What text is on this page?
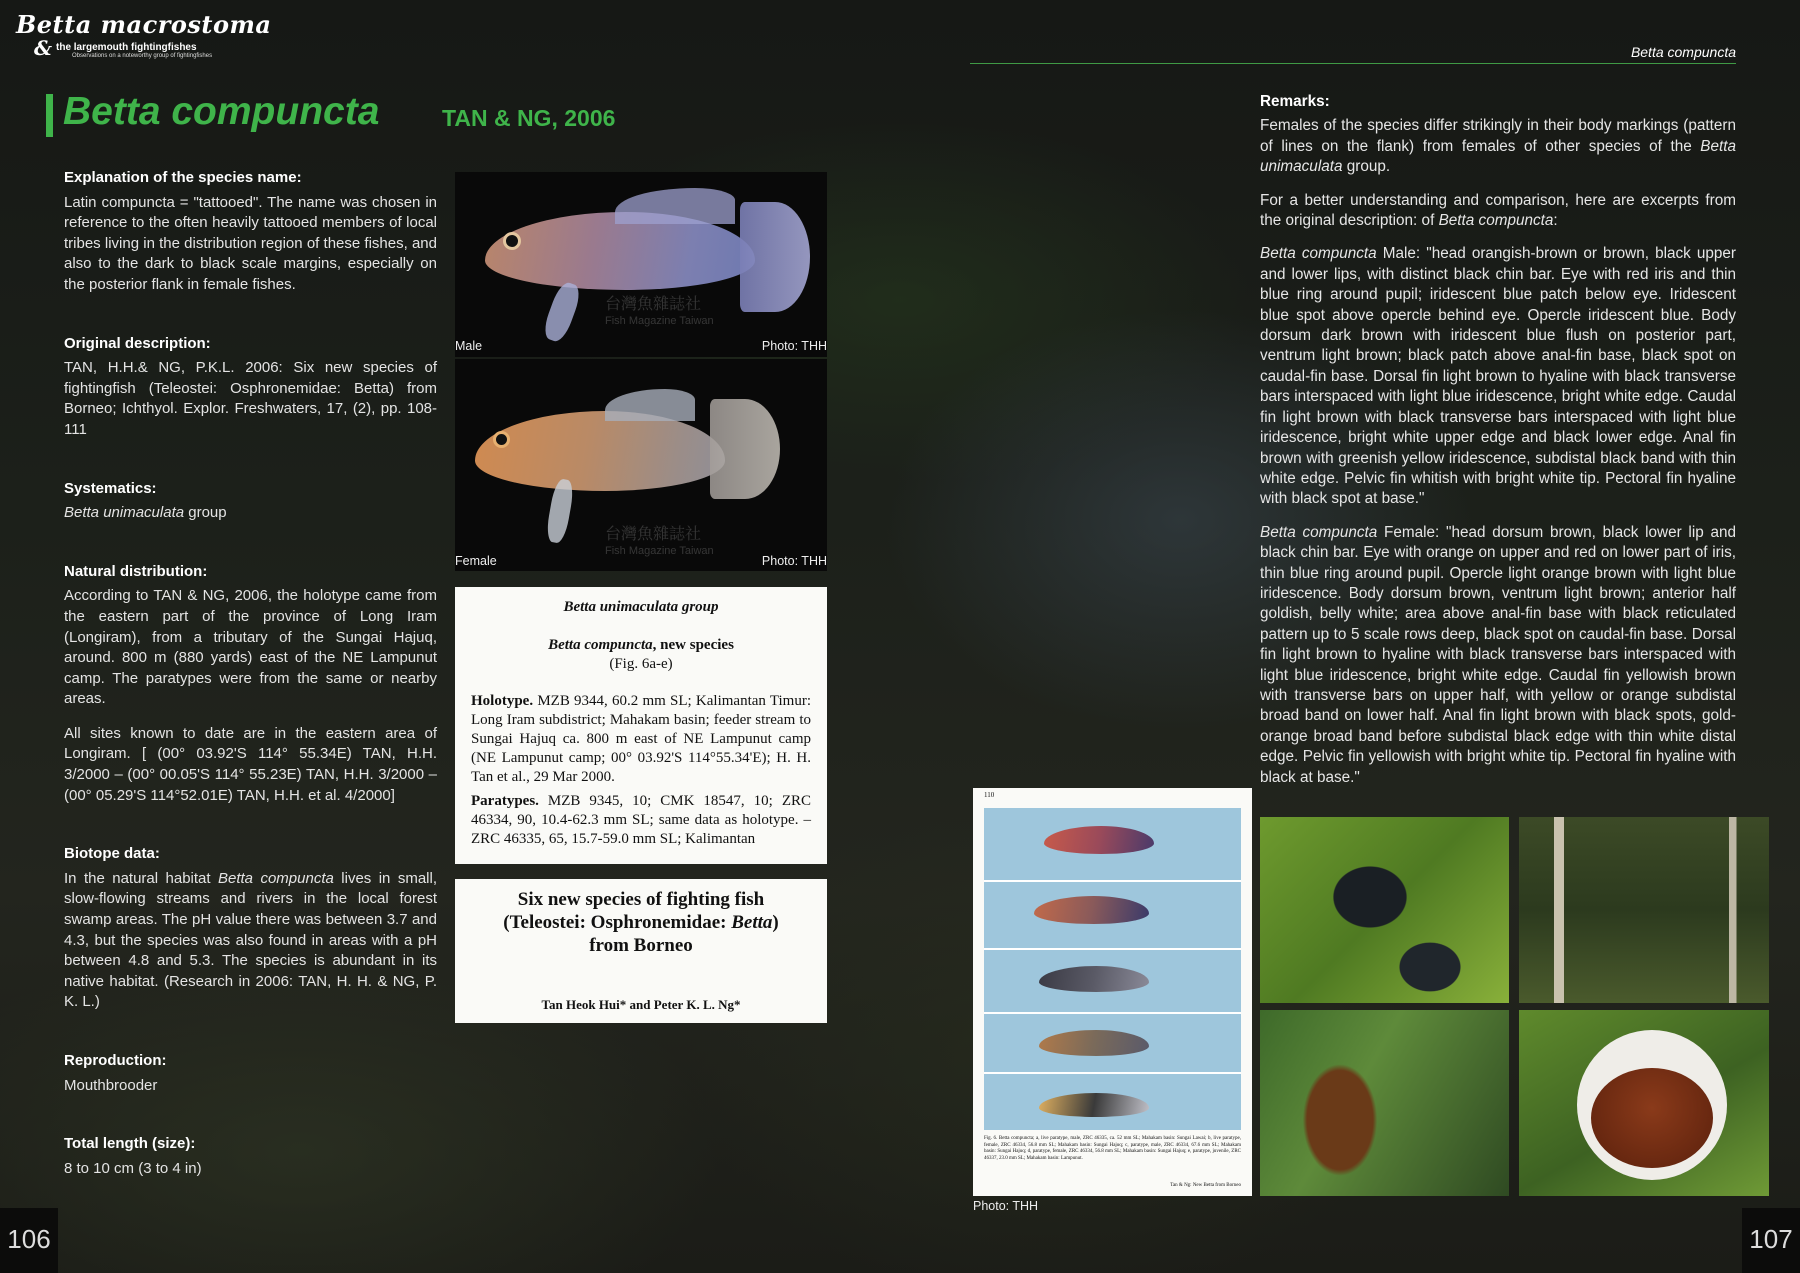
Betta macrostoma
& the largemouth fightingfishes
Observations on a noteworthy group of fightingfishes	Betta compuncta
Betta compuncta	TAN & NG, 2006
Explanation of the species name:

Latin compuncta = "tattooed". The name was chosen in reference to the often heavily tattooed members of local tribes living in the distribution region of these fishes, and also to the dark to black scale margins, especially on the posterior flank in female fishes.

Original description:

TAN, H.H.& NG, P.K.L. 2006: Six new species of fightingfish (Teleostei: Osphronemidae: Betta) from Borneo; Ichthyol. Explor. Freshwaters, 17, (2), pp. 108-111

Systematics:

Betta unimaculata group

Natural distribution:

According to TAN & NG, 2006, the holotype came from the eastern part of the province of Long Iram (Longiram), from a tributary of the Sungai Hajuq, around. 800 m (880 yards) east of the NE Lampunut camp. The paratypes were from the same or nearby areas.

All sites known to date are in the eastern area of Longiram. [ (00° 03.92'S 114° 55.34E) TAN, H.H. 3/2000 – (00° 00.05'S 114° 55.23E) TAN, H.H. 3/2000 – (00° 05.29'S 114°52.01E) TAN, H.H. et al. 4/2000]

Biotope data:

In the natural habitat Betta compuncta lives in small, slow-flowing streams and rivers in the local forest swamp areas. The pH value there was between 3.7 and 4.3, but the species was also found in areas with a pH between 4.8 and 5.3. The species is abundant in its native habitat. (Research in 2006: TAN, H. H. & NG, P. K. L.)

Reproduction:

Mouthbrooder

Total length (size):

8 to 10 cm (3 to 4 in)

台灣魚雜誌社
Fish Magazine Taiwan
Male	Photo: THH
台灣魚雜誌社
Fish Magazine Taiwan
Female	Photo: THH
Betta unimaculata group
Betta compuncta, new species
(Fig. 6a-e)
Holotype. MZB 9344, 60.2 mm SL; Kalimantan Timur: Long Iram subdistrict; Mahakam basin; feeder stream to Sungai Hajuq ca. 800 m east of NE Lampunut camp (NE Lampunut camp; 00° 03.92'S 114°55.34'E); H. H. Tan et al., 29 Mar 2000.
Paratypes. MZB 9345, 10; CMK 18547, 10; ZRC 46334, 90, 10.4-62.3 mm SL; same data as holotype. – ZRC 46335, 65, 15.7-59.0 mm SL; Kalimantan
Six new species of fighting fish
(Teleostei: Osphronemidae: Betta)
from Borneo
Tan Heok Hui* and Peter K. L. Ng*
110
Fig. 6. Betta compuncta; a, live paratype, male, ZRC 46335, ca. 52 mm SL; Mahakam basin: Sungai Lawai; b, live paratype, female, ZRC 46334, 56.8 mm SL; Mahakam basin: Sungai Hajuq; c, paratype, male, ZRC 46334, 67.6 mm SL; Mahakam basin: Sungai Hajuq; d, paratype, female, ZRC 46334, 56.8 mm SL; Mahakam basin: Sungai Hajuq; e, paratype, juvenile, ZRC 46337, 23.0 mm SL; Mahakam basin: Lampunut.
Tan & Ng: New Betta from Borneo
Photo: THH
Remarks:

Females of the species differ strikingly in their body markings (pattern of lines on the flank) from females of other species of the Betta unimaculata group.

For a better understanding and comparison, here are excerpts from the original description: of Betta compuncta:

Betta compuncta Male: "head orangish-brown or brown, black upper and lower lips, with distinct black chin bar. Eye with red iris and thin blue ring around pupil; iridescent blue patch below eye. Iridescent blue spot above opercle behind eye. Opercle iridescent blue. Body dorsum dark brown with iridescent blue flush on posterior part, ventrum light brown; black patch above anal-fin base, black spot on caudal-fin base. Dorsal fin light brown to hyaline with black transverse bars interspaced with light blue iridescence, bright white edge. Caudal fin light brown with black transverse bars interspaced with light blue iridescence, bright white upper edge and black lower edge. Anal fin brown with greenish yellow iridescence, subdistal black band with thin white edge. Pelvic fin whitish with bright white tip. Pectoral fin hyaline with black spot at base."

Betta compuncta Female: "head dorsum brown, black lower lip and black chin bar. Eye with orange on upper and red on lower part of iris, thin blue ring around pupil. Opercle light orange brown with light blue iridescence. Body dorsum brown, ventrum light brown; anterior half goldish, belly white; area above anal-fin base with black reticulated pattern up to 5 scale rows deep, black spot on caudal-fin base. Dorsal fin light brown to hyaline with black transverse bars interspaced with light blue iridescence, bright white edge. Caudal fin yellowish brown with transverse bars on upper half, with yellow or orange subdistal broad band on lower half. Anal fin light brown with black spots, gold-orange broad band before subdistal black edge with thin white distal edge. Pelvic fin yellowish with bright white tip. Pectoral fin hyaline with black at base."

106	107
